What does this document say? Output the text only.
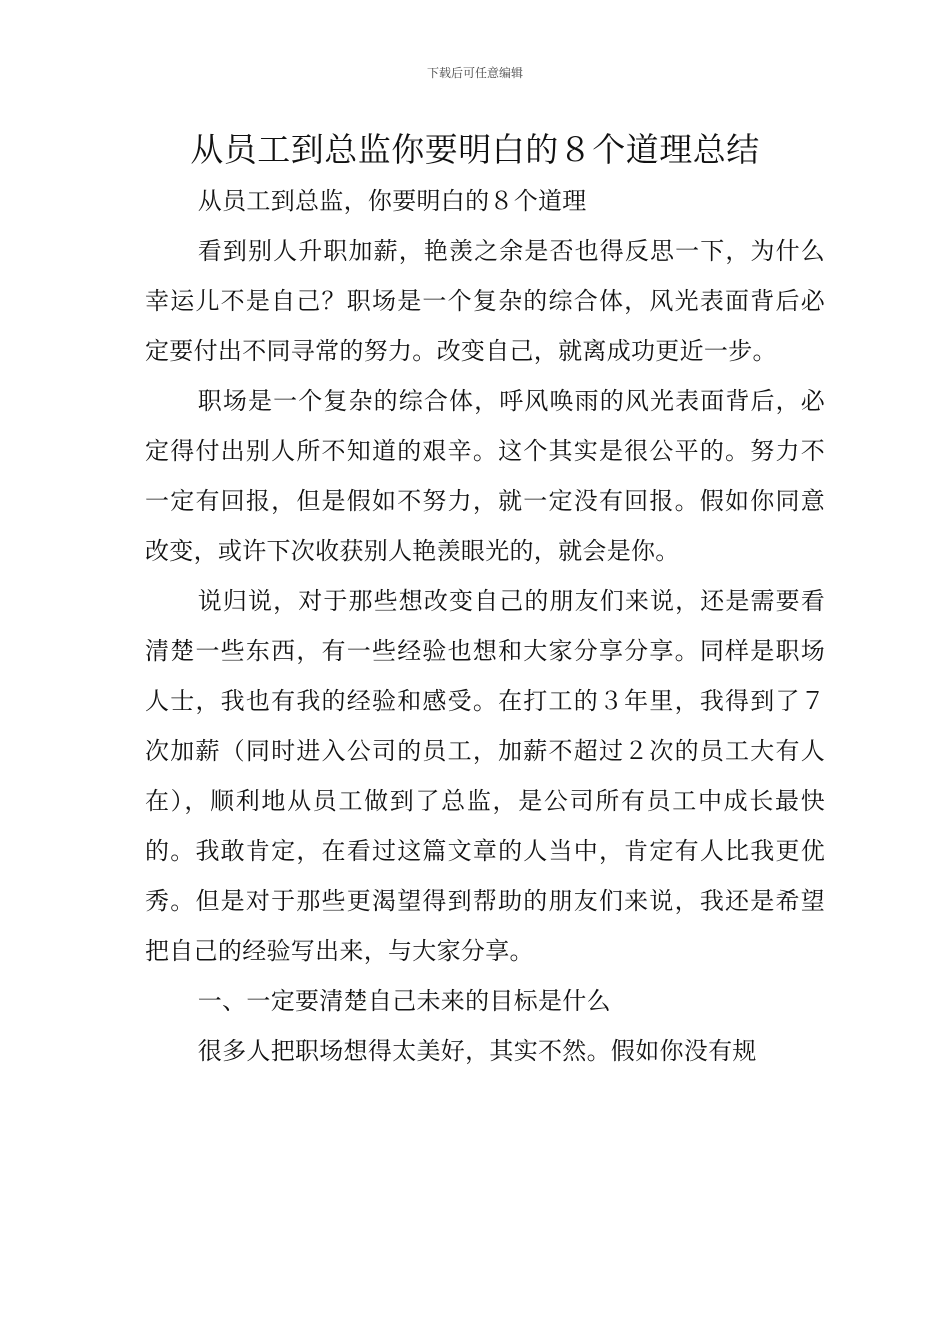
下载后可任意编辑
从员工到总监你要明白的８个道理总结

从员工到总监，你要明白的８个道理

看到别人升职加薪，艳羡之余是否也得反思一下，为什么幸运儿不是自己？职场是一个复杂的综合体，风光表面背后必定要付出不同寻常的努力。改变自己，就离成功更近一步。

职场是一个复杂的综合体，呼风唤雨的风光表面背后，必定得付出别人所不知道的艰辛。这个其实是很公平的。努力不一定有回报，但是假如不努力，就一定没有回报。假如你同意改变，或许下次收获别人艳羡眼光的，就会是你。

说归说，对于那些想改变自己的朋友们来说，还是需要看清楚一些东西，有一些经验也想和大家分享分享。同样是职场人士，我也有我的经验和感受。在打工的３年里，我得到了７次加薪（同时进入公司的员工，加薪不超过２次的员工大有人在），顺利地从员工做到了总监，是公司所有员工中成长最快的。我敢肯定，在看过这篇文章的人当中，肯定有人比我更优秀。但是对于那些更渴望得到帮助的朋友们来说，我还是希望把自己的经验写出来，与大家分享。

一、一定要清楚自己未来的目标是什么

很多人把职场想得太美好，其实不然。假如你没有规
